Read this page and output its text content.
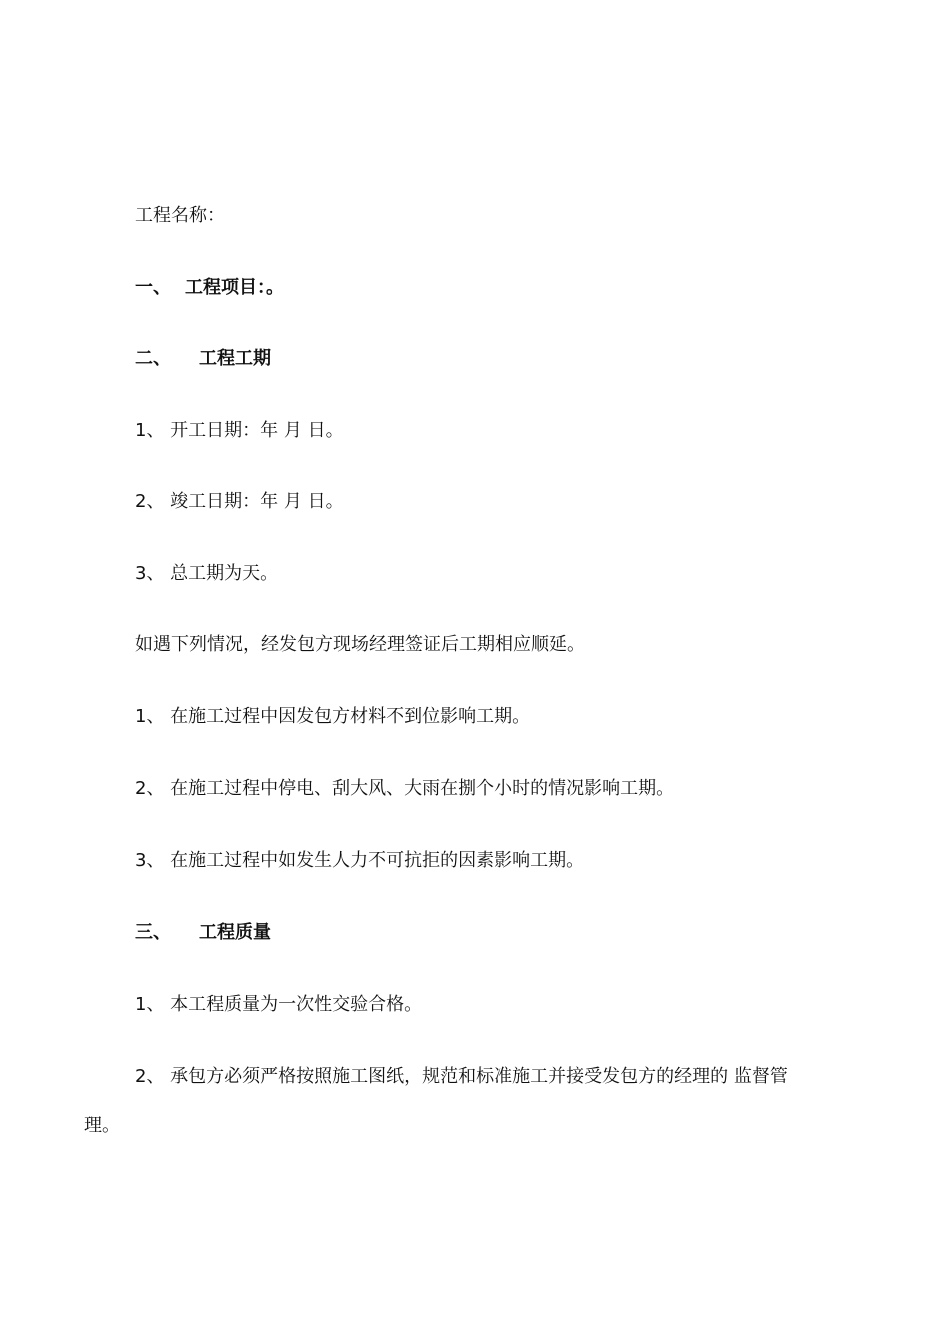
工程名称：
一、 工程项目：。
二、 工程工期
1、 开工日期：年 月 日。
2、 竣工日期：年 月 日。
3、 总工期为天。
如遇下列情况，经发包方现场经理签证后工期相应顺延。
1、 在施工过程中因发包方材料不到位影响工期。
2、 在施工过程中停电、刮大风、大雨在捌个小时的情况影响工期。
3、 在施工过程中如发生人力不可抗拒的因素影响工期。
三、 工程质量
1、 本工程质量为一次性交验合格。
2、 承包方必须严格按照施工图纸，规范和标准施工并接受发包方的经理的 监督管
理。
